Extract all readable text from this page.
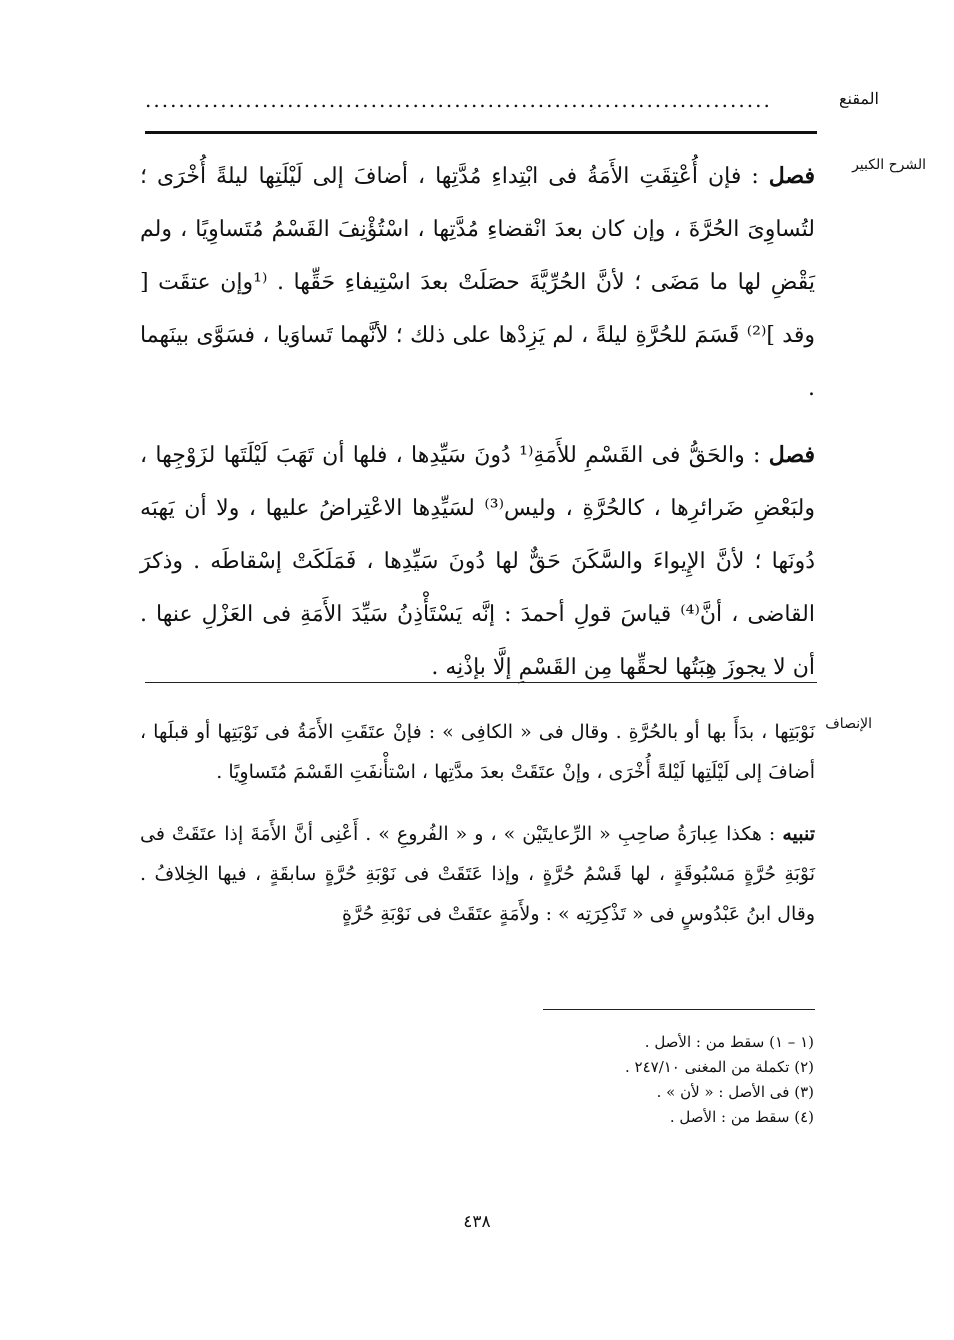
المقنع
...........................................................................
الشرح الكبير

فصل : فإن أُعْتِقَتِ الأَمَةُ فى ابْتِداءِ مُدَّتِها ، أضافَ إلى لَيْلَتِها ليلةً أُخْرَى ؛ لتُساوِىَ الحُرَّةَ ، وإن كان بعدَ انْقضاءِ مُدَّتِها ، اسْتُؤْنِفَ القَسْمُ مُتَساوِيًا ، ولم يَقْضِ لها ما مَضَى ؛ لأنَّ الحُرِّيَّةَ حصَلَتْ بعدَ اسْتِيفاءِ حَقِّها . ⁽¹وإن عتقَت [ وقد ]⁽²⁾ قَسَمَ للحُرَّةِ ليلةً ، لم يَزِدْها على ذلك ؛ لأنَّهما تَساوَيا ، فسَوَّى بينَهما .

فصل : والحَقُّ فى القَسْمِ للأَمَةِ⁽¹ دُونَ سَيِّدِها ، فلها أن تَهَبَ لَيْلَتَها لزَوْجِها ، ولبَعْضِ ضَرائرِها ، كالحُرَّةِ ، وليس⁽³⁾ لسَيِّدِها الاعْتِراضُ عليها ، ولا أن يَهبَه دُونَها ؛ لأنَّ الإِيواءَ والسَّكَنَ حَقٌّ لها دُونَ سَيِّدِها ، فَمَلَكَتْ إسْقاطَه . وذكرَ القاضى ، أنَّ⁽⁴⁾ قياسَ قولِ أحمدَ : إنَّه يَسْتَأْذِنُ سَيِّدَ الأَمَةِ فى العَزْلِ عنها . أن لا يجوزَ هِبَتُها لحقِّها مِن القَسْمِ إلَّا بإذْنِه .

الإنصاف

نَوْبَتِها ، بدَأَ بها أو بالحُرَّةِ . وقال فى « الكافِى » : فإنْ عتَقَتِ الأَمَةُ فى نَوْبَتِها أو قبلَها ، أضافَ إلى لَيْلَتِها لَيْلةً أُخْرَى ، وإنْ عتَقَتْ بعدَ مدَّتِها ، اسْتأْنفَتِ القَسْمَ مُتَساوِيًا .

تنبيه : هكذا عِبارَةُ صاحِبِ « الرِّعايتَيْن » ، و « الفُروعِ » . أَعْنِى أنَّ الأَمَةَ إذا عتَقَتْ فى نَوْبَةِ حُرَّةٍ مَسْبُوقَةٍ ، لها قَسْمُ حُرَّةٍ ، وإذا عَتَقَتْ فى نَوْبَةِ حُرَّةٍ سابقَةٍ ، فيها الخِلافُ . وقال ابنُ عَبْدُوسٍ فى « تَذْكِرَتِه » : ولأَمَةٍ عتَقَتْ فى نَوْبَةِ حُرَّةٍ

(١ – ١) سقط من : الأصل .
(٢) تكملة من المغنى ٢٤٧/١٠ .
(٣) فى الأصل : « لأن » .
(٤) سقط من : الأصل .
٤٣٨
